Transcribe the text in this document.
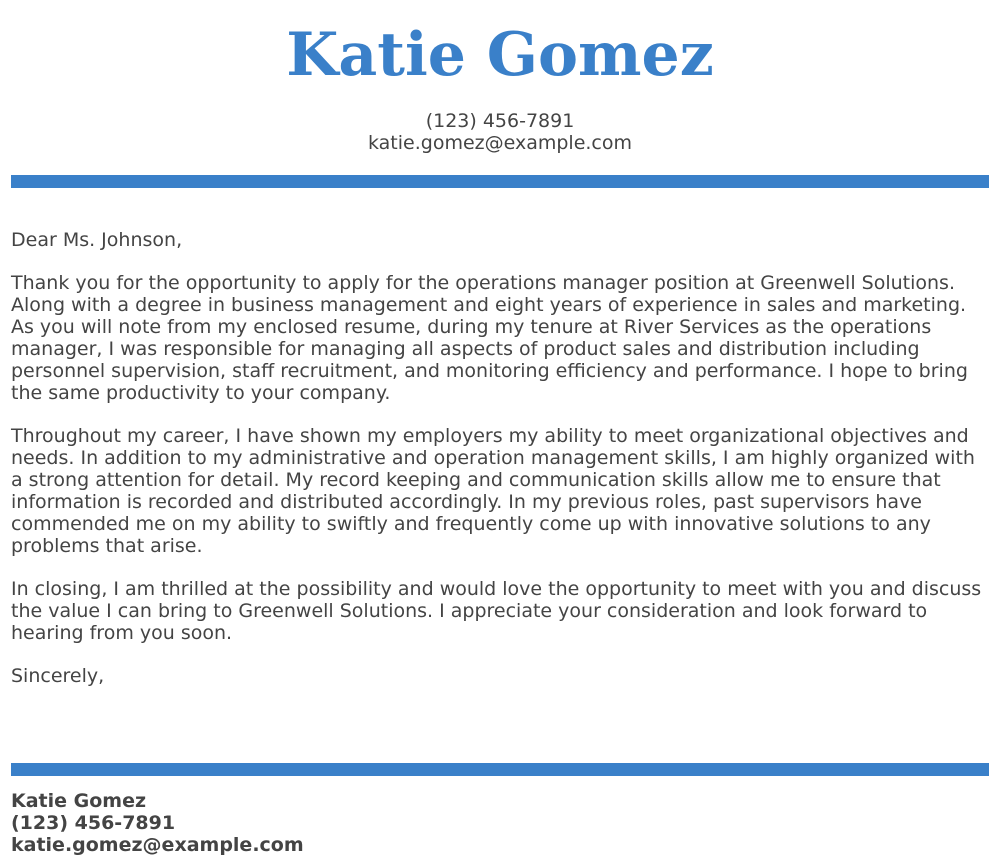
Katie Gomez
(123) 456-7891
katie.gomez@example.com

Dear Ms. Johnson,

Thank you for the opportunity to apply for the operations manager position at Greenwell Solutions. Along with a degree in business management and eight years of experience in sales and marketing. As you will note from my enclosed resume, during my tenure at River Services as the operations manager, I was responsible for managing all aspects of product sales and distribution including personnel supervision, staff recruitment, and monitoring efficiency and performance. I hope to bring the same productivity to your company.

Throughout my career, I have shown my employers my ability to meet organizational objectives and needs. In addition to my administrative and operation management skills, I am highly organized with a strong attention for detail. My record keeping and communication skills allow me to ensure that information is recorded and distributed accordingly. In my previous roles, past supervisors have commended me on my ability to swiftly and frequently come up with innovative solutions to any problems that arise.

In closing, I am thrilled at the possibility and would love the opportunity to meet with you and discuss the value I can bring to Greenwell Solutions. I appreciate your consideration and look forward to hearing from you soon.

Sincerely,

Katie Gomez
(123) 456-7891
katie.gomez@example.com
